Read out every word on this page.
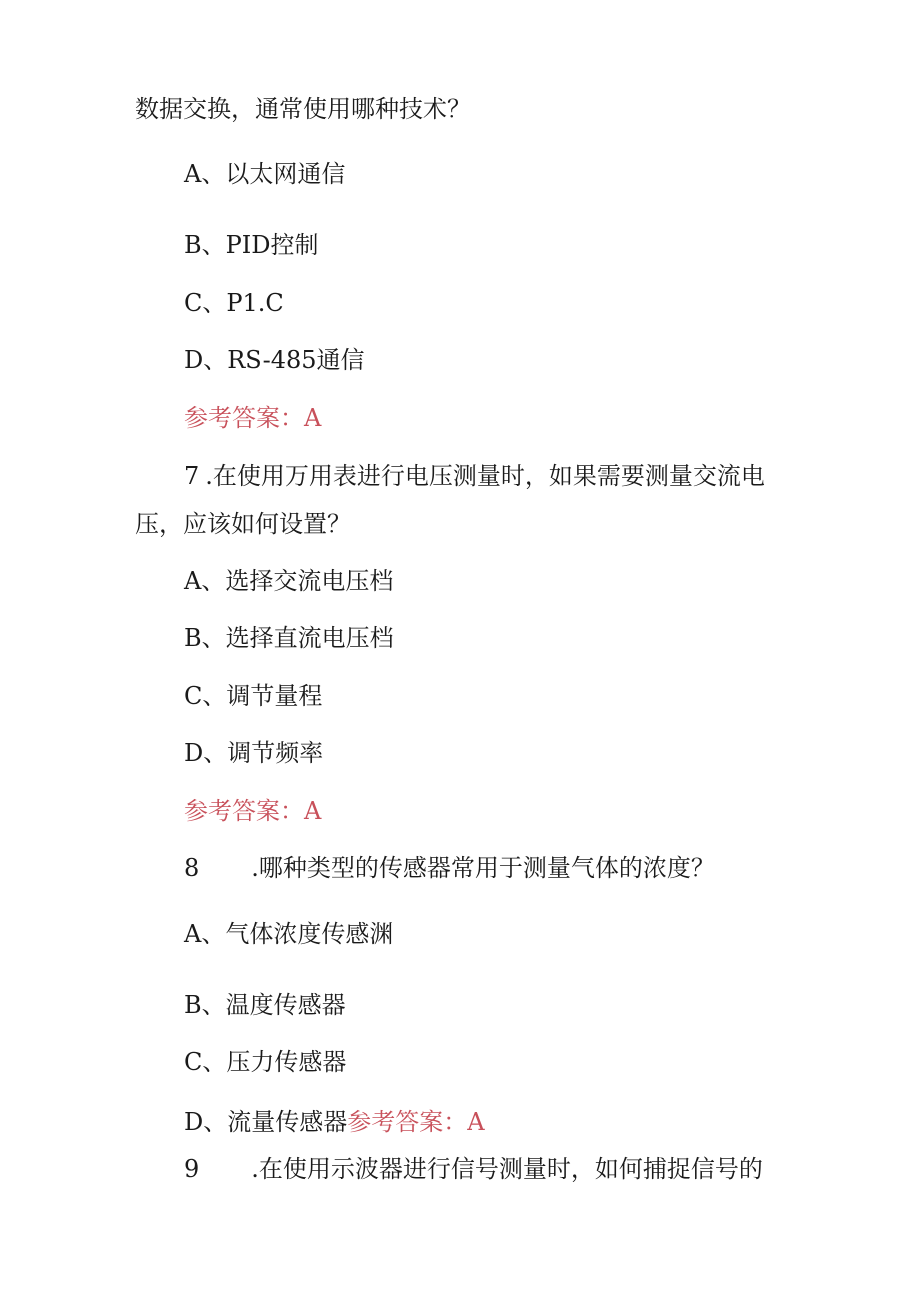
数据交换，通常使用哪种技术？
A、以太网通信
B、PID控制
C、P1.C
D、RS-485通信
参考答案：A
7 .在使用万用表进行电压测量时，如果需要测量交流电
压，应该如何设置？
A、选择交流电压档
B、选择直流电压档
C、调节量程
D、调节频率
参考答案：A
8 .哪种类型的传感器常用于测量气体的浓度？
A、气体浓度传感渊
B、温度传感器
C、压力传感器
D、流量传感器参考答案：A
9 .在使用示波器进行信号测量时，如何捕捉信号的
